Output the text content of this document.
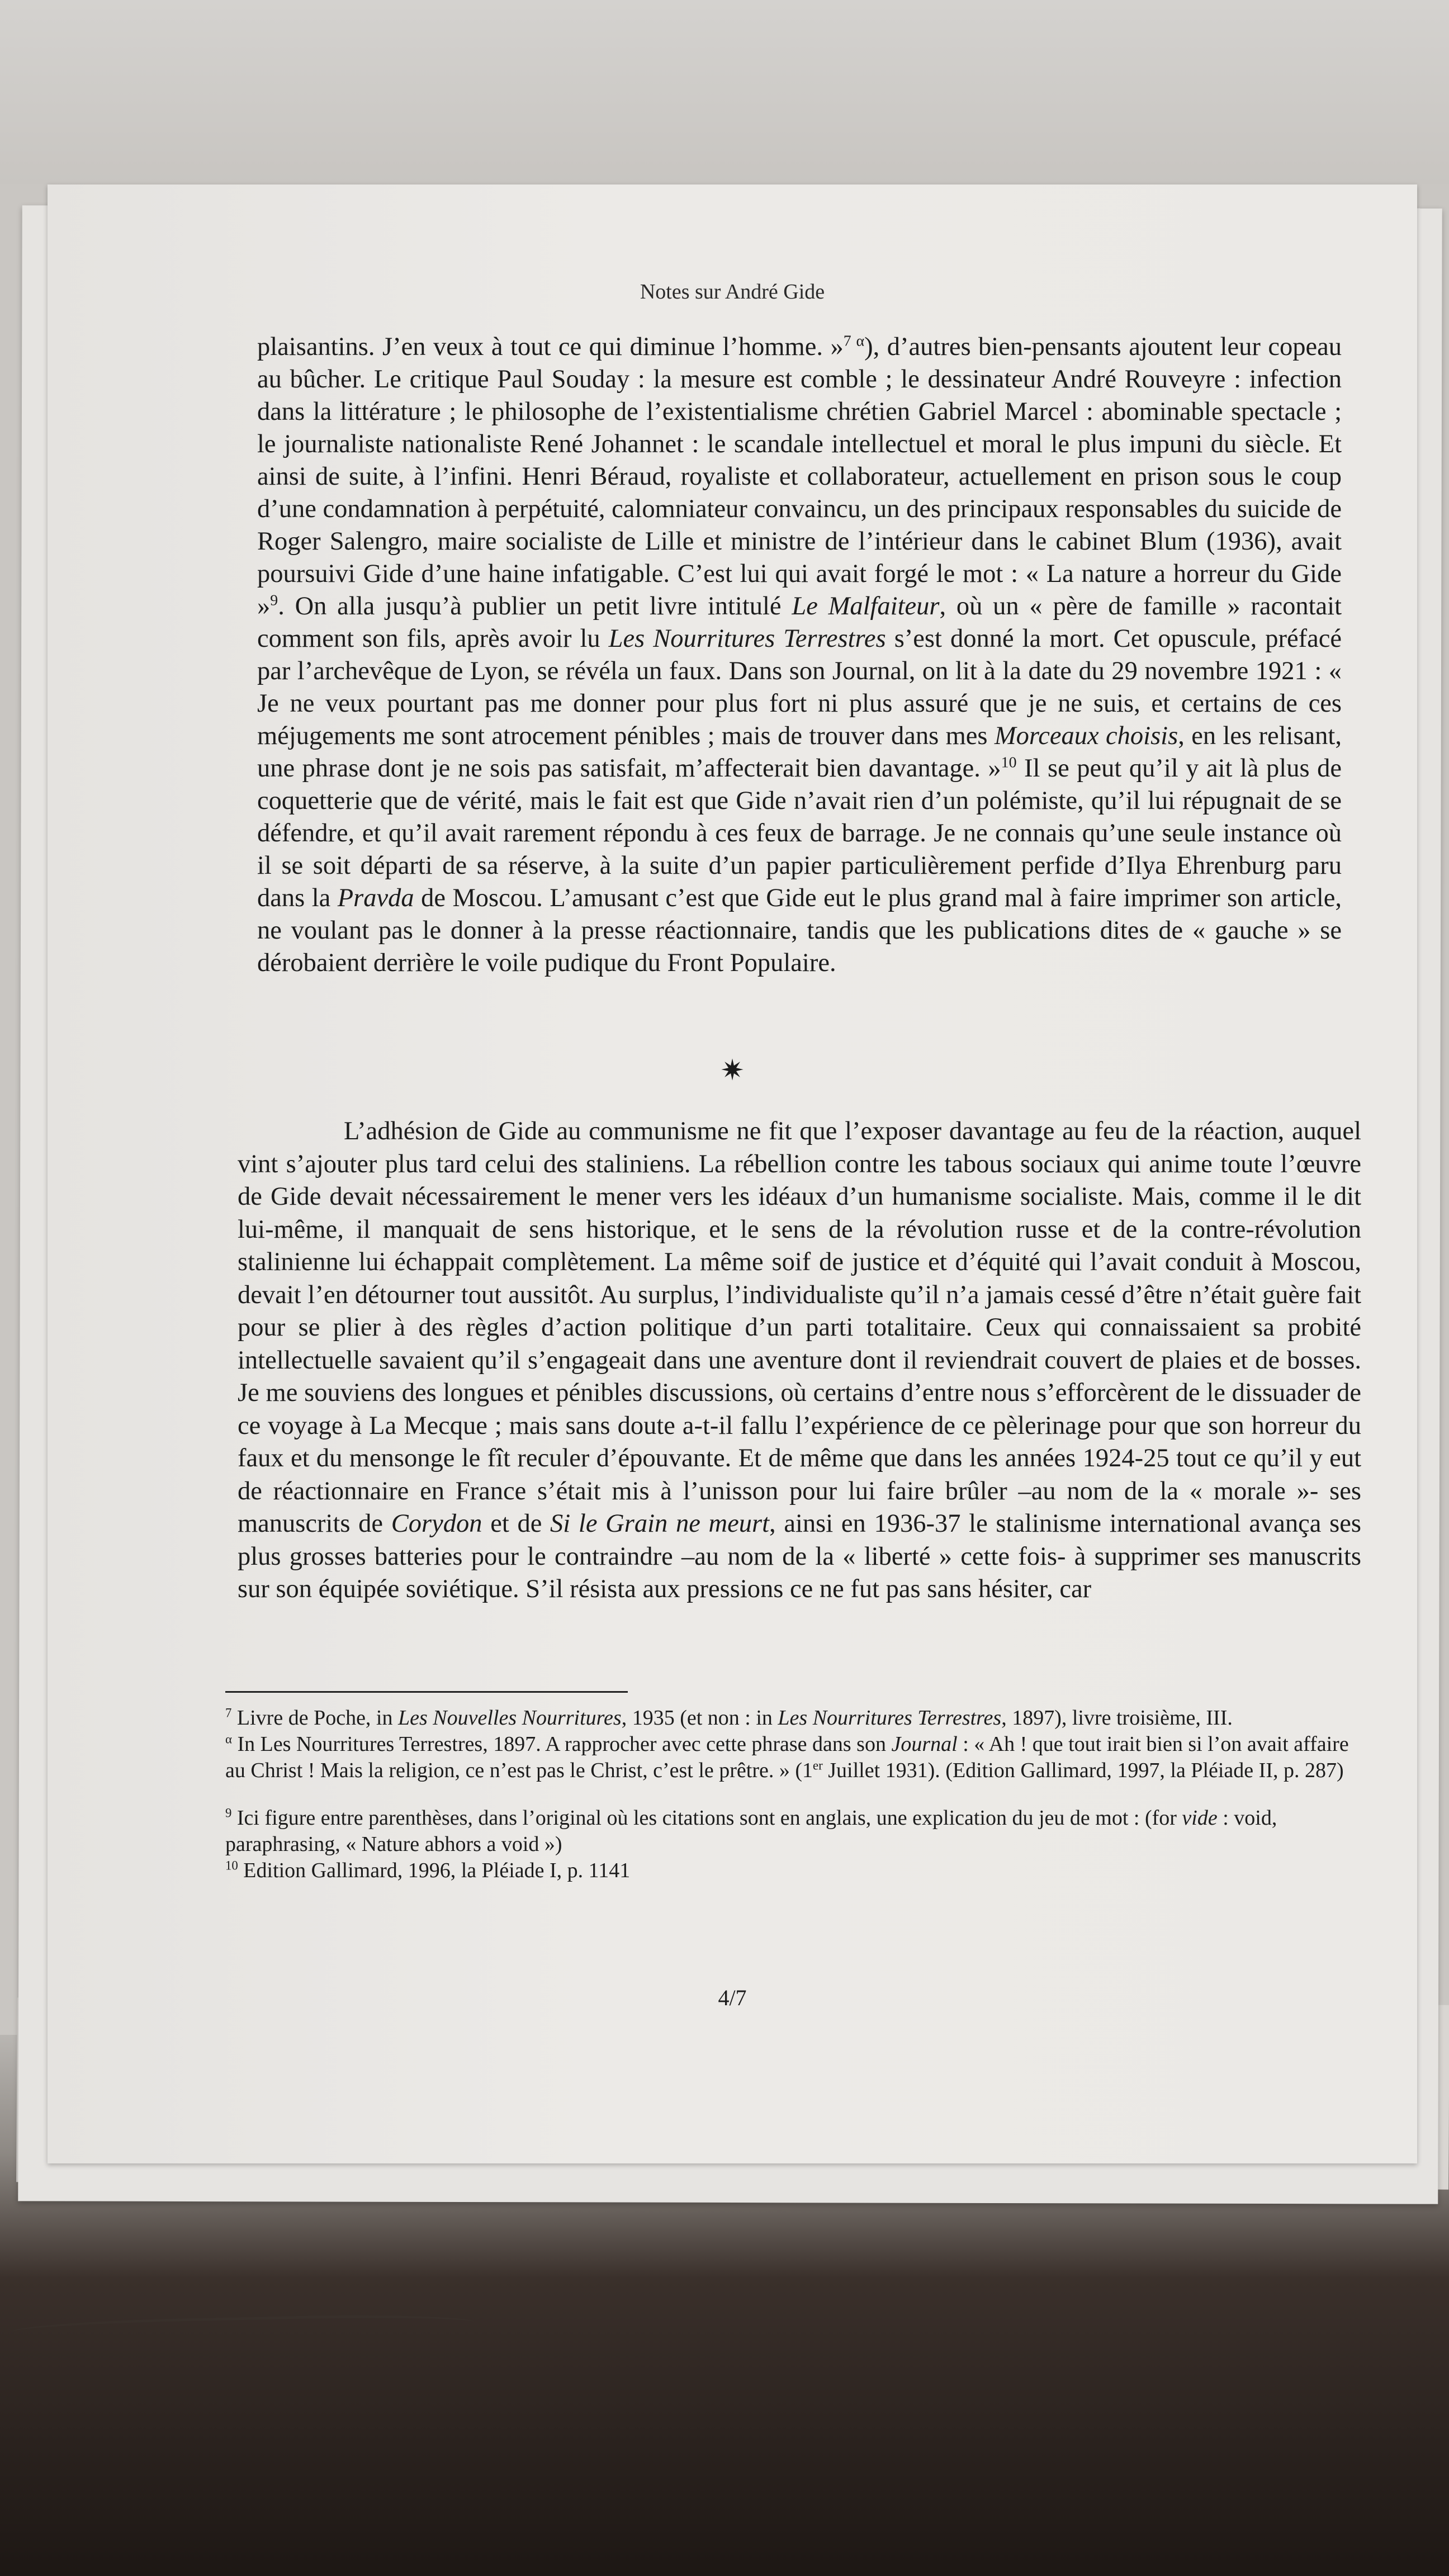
Notes sur André Gide

plaisantins. J’en veux à tout ce qui diminue l’homme. »$^{7 \alpha}$), d’autres bien-pensants ajoutent leur copeau au bûcher. Le critique Paul Souday : la mesure est comble ; le dessinateur André Rouveyre : infection dans la littérature ; le philosophe de l’existentialisme chrétien Gabriel Marcel : abominable spectacle ; le journaliste nationaliste René Johannet : le scandale intellectuel et moral le plus impuni du siècle. Et ainsi de suite, à l’infini. Henri Béraud, royaliste et collaborateur, actuellement en prison sous le coup d’une condamnation à perpétuité, calomniateur convaincu, un des principaux responsables du suicide de Roger Salengro, maire socialiste de Lille et ministre de l’intérieur dans le cabinet Blum (1936), avait poursuivi Gide d’une haine infatigable. C’est lui qui avait forgé le mot : « La nature a horreur du Gide »$^9$. On alla jusqu’à publier un petit livre intitulé Le Malfaiteur, où un « père de famille » racontait comment son fils, après avoir lu Les Nourritures Terrestres s’est donné la mort. Cet opuscule, préfacé par l’archevêque de Lyon, se révéla un faux. Dans son Journal, on lit à la date du 29 novembre 1921 : « Je ne veux pourtant pas me donner pour plus fort ni plus assuré que je ne suis, et certains de ces méjugements me sont atrocement pénibles ; mais de trouver dans mes Morceaux choisis, en les relisant, une phrase dont je ne sois pas satisfait, m’affecterait bien davantage. »$^{10}$ Il se peut qu’il y ait là plus de coquetterie que de vérité, mais le fait est que Gide n’avait rien d’un polémiste, qu’il lui répugnait de se défendre, et qu’il avait rarement répondu à ces feux de barrage. Je ne connais qu’une seule instance où il se soit départi de sa réserve, à la suite d’un papier particulièrement perfide d’Ilya Ehrenburg paru dans la Pravda de Moscou. L’amusant c’est que Gide eut le plus grand mal à faire imprimer son article, ne voulant pas le donner à la presse réactionnaire, tandis que les publications dites de « gauche » se dérobaient derrière le voile pudique du Front Populaire.

✷

L’adhésion de Gide au communisme ne fit que l’exposer davantage au feu de la réaction, auquel vint s’ajouter plus tard celui des staliniens. La rébellion contre les tabous sociaux qui anime toute l’œuvre de Gide devait nécessairement le mener vers les idéaux d’un humanisme socialiste. Mais, comme il le dit lui-même, il manquait de sens historique, et le sens de la révolution russe et de la contre-révolution stalinienne lui échappait complètement. La même soif de justice et d’équité qui l’avait conduit à Moscou, devait l’en détourner tout aussitôt. Au surplus, l’individualiste qu’il n’a jamais cessé d’être n’était guère fait pour se plier à des règles d’action politique d’un parti totalitaire. Ceux qui connaissaient sa probité intellectuelle savaient qu’il s’engageait dans une aventure dont il reviendrait couvert de plaies et de bosses. Je me souviens des longues et pénibles discussions, où certains d’entre nous s’efforcèrent de le dissuader de ce voyage à La Mecque ; mais sans doute a-t-il fallu l’expérience de ce pèlerinage pour que son horreur du faux et du mensonge le fît reculer d’épouvante. Et de même que dans les années 1924-25 tout ce qu’il y eut de réactionnaire en France s’était mis à l’unisson pour lui faire brûler –au nom de la « morale »- ses manuscrits de Corydon et de Si le Grain ne meurt, ainsi en 1936-37 le stalinisme international avança ses plus grosses batteries pour le contraindre –au nom de la « liberté » cette fois- à supprimer ses manuscrits sur son équipée soviétique. S’il résista aux pressions ce ne fut pas sans hésiter, car

$^7$ Livre de Poche, in Les Nouvelles Nourritures, 1935 (et non : in Les Nourritures Terrestres, 1897), livre troisième, III.

$^\alpha$ In Les Nourritures Terrestres, 1897. A rapprocher avec cette phrase dans son Journal : « Ah ! que tout irait bien si l’on avait affaire au Christ ! Mais la religion, ce n’est pas le Christ, c’est le prêtre. » (1er Juillet 1931). (Edition Gallimard, 1997, la Pléiade II, p. 287)

$^9$ Ici figure entre parenthèses, dans l’original où les citations sont en anglais, une explication du jeu de mot : (for vide : void, paraphrasing, « Nature abhors a void »)

$^{10}$ Edition Gallimard, 1996, la Pléiade I, p. 1141

4/7
